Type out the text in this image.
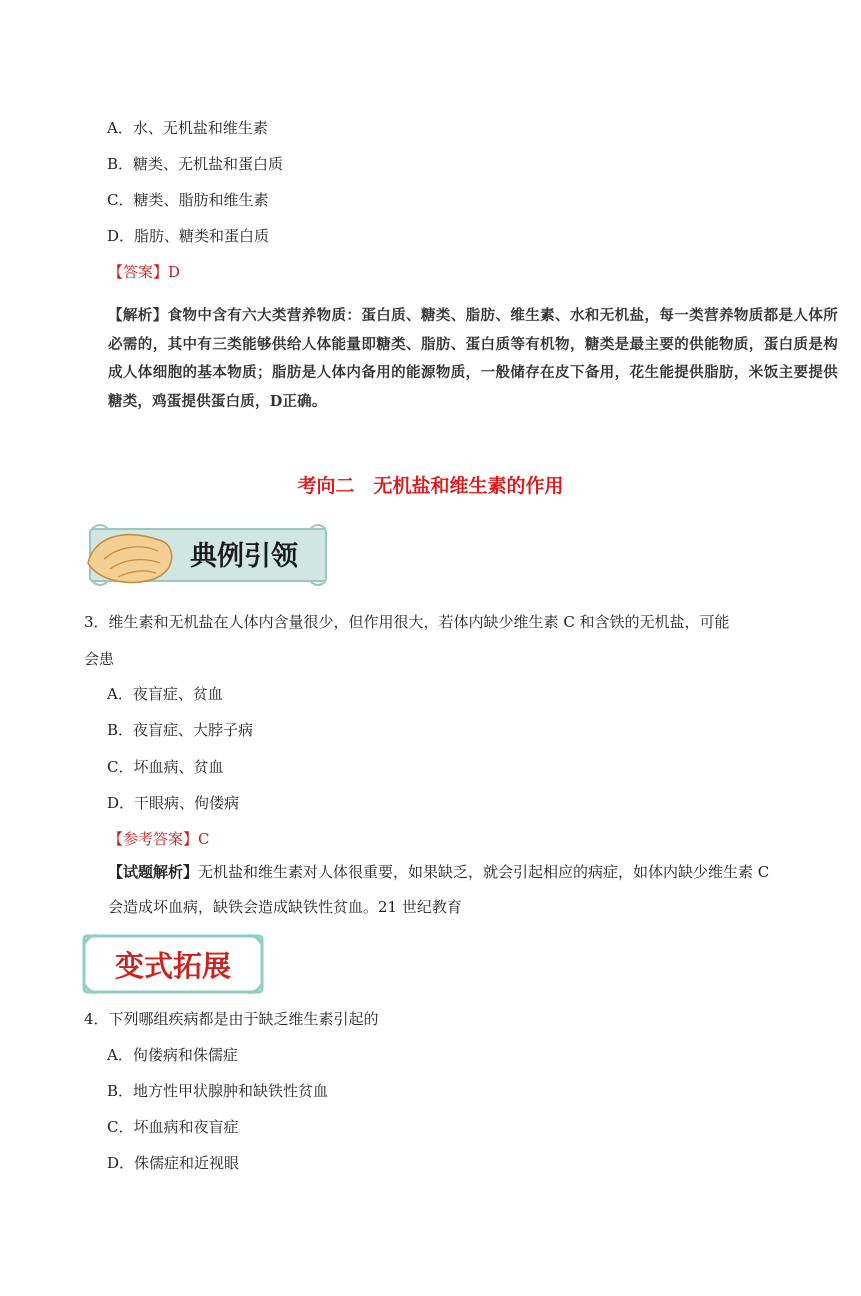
A．水、无机盐和维生素
B．糖类、无机盐和蛋白质
C．糖类、脂肪和维生素
D．脂肪、糖类和蛋白质
【答案】D
【解析】食物中含有六大类营养物质：蛋白质、糖类、脂肪、维生素、水和无机盐，每一类营养物质都是人体所必需的，其中有三类能够供给人体能量即糖类、脂肪、蛋白质等有机物，糖类是最主要的供能物质，蛋白质是构成人体细胞的基本物质；脂肪是人体内备用的能源物质，一般储存在皮下备用，花生能提供脂肪，米饭主要提供糖类，鸡蛋提供蛋白质，D正确。
考向二　无机盐和维生素的作用
典例引领
3．维生素和无机盐在人体内含量很少，但作用很大，若体内缺少维生素 C 和含铁的无机盐，可能
会患
A．夜盲症、贫血
B．夜盲症、大脖子病
C．坏血病、贫血
D．干眼病、佝偻病
【参考答案】C
【试题解析】无机盐和维生素对人体很重要，如果缺乏，就会引起相应的病症，如体内缺少维生素 C 会造成坏血病，缺铁会造成缺铁性贫血。21 世纪教育
变式拓展
4．下列哪组疾病都是由于缺乏维生素引起的
A．佝偻病和侏儒症
B．地方性甲状腺肿和缺铁性贫血
C．坏血病和夜盲症
D．侏儒症和近视眼
